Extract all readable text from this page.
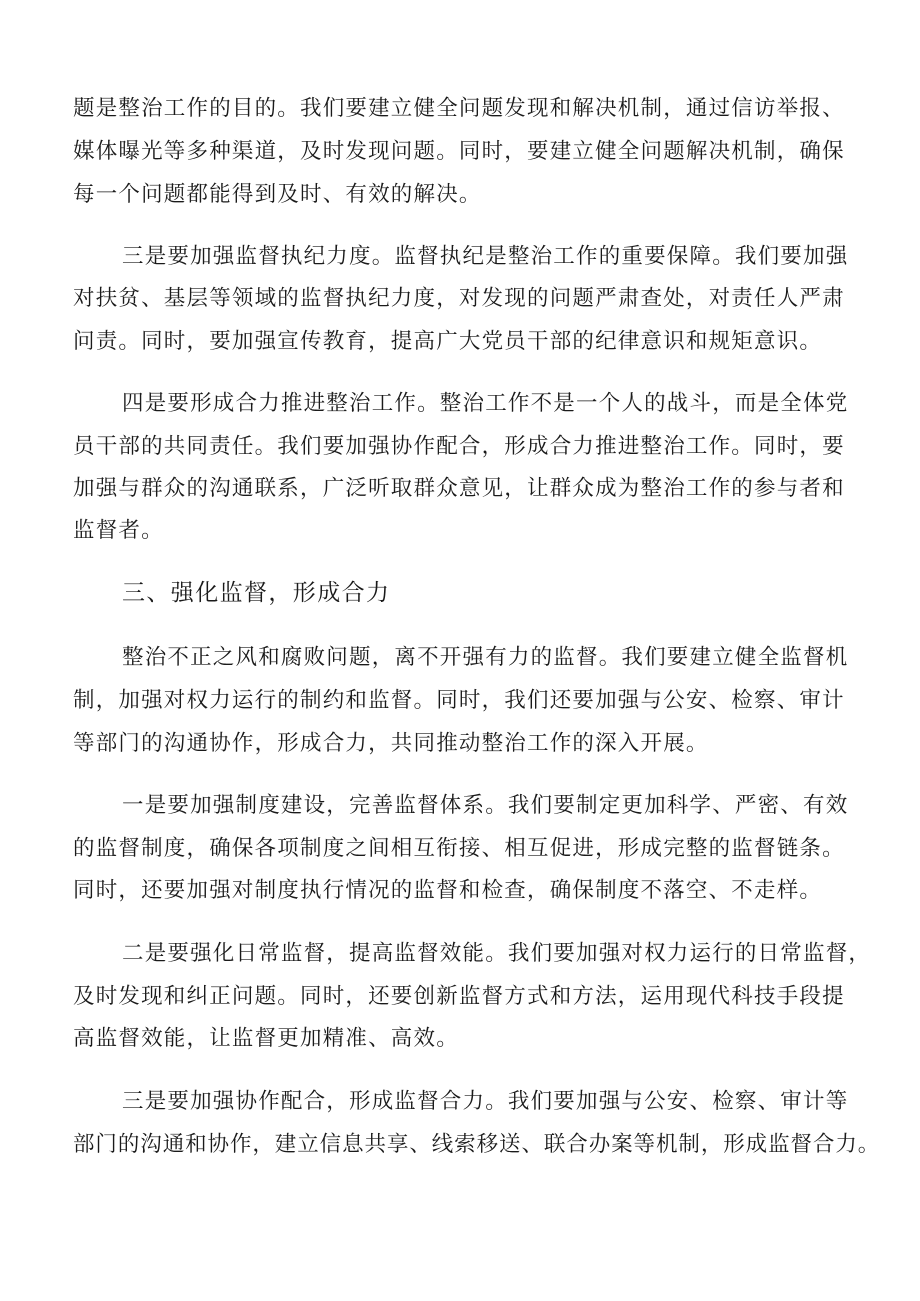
题是整治工作的目的。我们要建立健全问题发现和解决机制，通过信访举报、
媒体曝光等多种渠道，及时发现问题。同时，要建立健全问题解决机制，确保
每一个问题都能得到及时、有效的解决。
三是要加强监督执纪力度。监督执纪是整治工作的重要保障。我们要加强
对扶贫、基层等领域的监督执纪力度，对发现的问题严肃查处，对责任人严肃
问责。同时，要加强宣传教育，提高广大党员干部的纪律意识和规矩意识。
四是要形成合力推进整治工作。整治工作不是一个人的战斗，而是全体党
员干部的共同责任。我们要加强协作配合，形成合力推进整治工作。同时，要
加强与群众的沟通联系，广泛听取群众意见，让群众成为整治工作的参与者和
监督者。
三、强化监督，形成合力
整治不正之风和腐败问题，离不开强有力的监督。我们要建立健全监督机
制，加强对权力运行的制约和监督。同时，我们还要加强与公安、检察、审计
等部门的沟通协作，形成合力，共同推动整治工作的深入开展。
一是要加强制度建设，完善监督体系。我们要制定更加科学、严密、有效
的监督制度，确保各项制度之间相互衔接、相互促进，形成完整的监督链条。
同时，还要加强对制度执行情况的监督和检查，确保制度不落空、不走样。
二是要强化日常监督，提高监督效能。我们要加强对权力运行的日常监督，
及时发现和纠正问题。同时，还要创新监督方式和方法，运用现代科技手段提
高监督效能，让监督更加精准、高效。
三是要加强协作配合，形成监督合力。我们要加强与公安、检察、审计等
部门的沟通和协作，建立信息共享、线索移送、联合办案等机制，形成监督合力。
